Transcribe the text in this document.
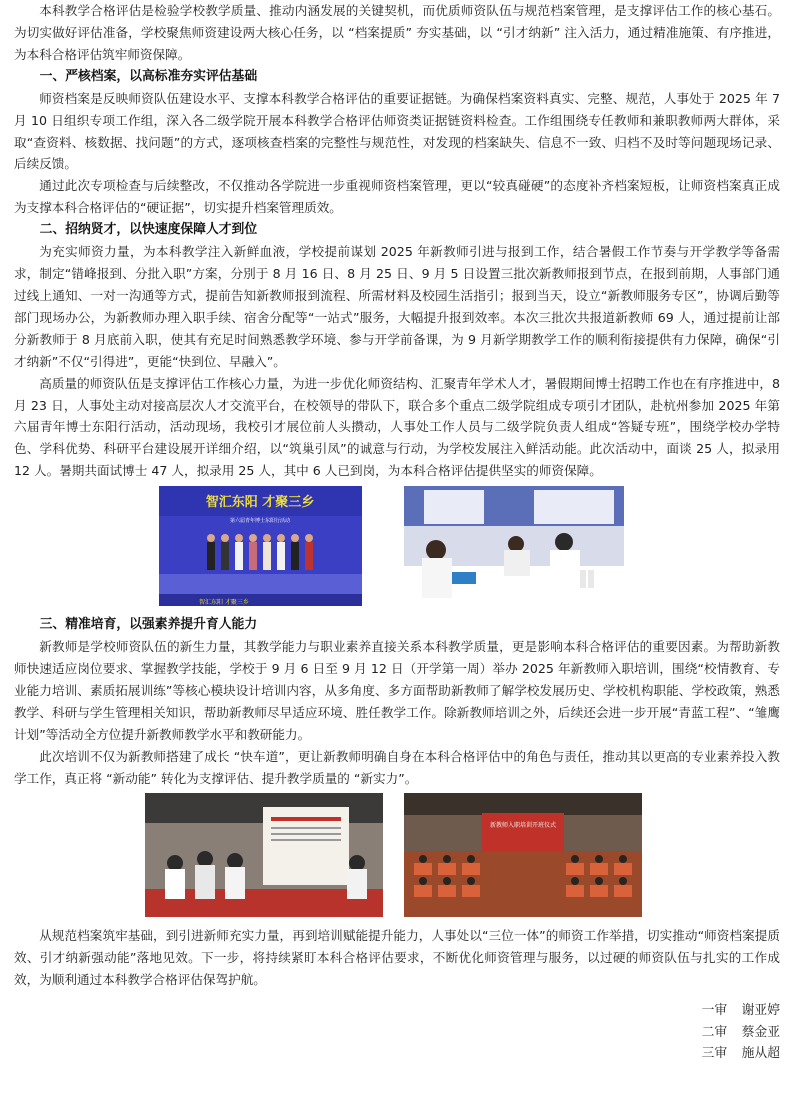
本科教学合格评估是检验学校教学质量、推动内涵发展的关键契机，而优质师资队伍与规范档案管理，是支撑评估工作的核心基石。为切实做好评估准备，学校聚焦师资建设两大核心任务，以 “档案提质” 夯实基础，以 “引才纳新” 注入活力，通过精准施策、有序推进，为本科合格评估筑牢师资保障。

一、严核档案，以高标准夯实评估基础

师资档案是反映师资队伍建设水平、支撑本科教学合格评估的重要证据链。为确保档案资料真实、完整、规范，人事处于 2025 年 7 月 10 日组织专项工作组，深入各二级学院开展本科教学合格评估师资类证据链资料检查。工作组围绕专任教师和兼职教师两大群体，采取“查资料、核数据、找问题”的方式，逐项核查档案的完整性与规范性，对发现的档案缺失、信息不一致、归档不及时等问题现场记录、后续反馈。

通过此次专项检查与后续整改，不仅推动各学院进一步重视师资档案管理，更以“较真碰硬”的态度补齐档案短板，让师资档案真正成为支撑本科合格评估的“硬证据”，切实提升档案管理质效。

二、招纳贤才，以快速度保障人才到位

为充实师资力量，为本科教学注入新鲜血液，学校提前谋划 2025 年新教师引进与报到工作，结合暑假工作节奏与开学教学等备需求，制定“错峰报到、分批入职”方案，分別于 8 月 16 日、8 月 25 日、9 月 5 日设置三批次新教师报到节点，在报到前期，人事部门通过线上通知、一对一沟通等方式，提前告知新教师报到流程、所需材料及校园生活指引；报到当天，设立“新教师服务专区”，协调后勤等部门现场办公，为新教师办理入职手续、宿舍分配等“一站式”服务，大幅提升报到效率。本次三批次共报道新教师 69 人，通过提前让部分新教师于 8 月底前入职，使其有充足时间熟悉教学环境、参与开学前备课，为 9 月新学期教学工作的顺利衔接提供有力保障，确保“引才纳新”不仅“引得进”，更能“快到位、早融入”。

高质量的师资队伍是支撑评估工作核心力量，为进一步优化师资结构、汇聚青年学术人才，暑假期间博士招聘工作也在有序推进中，8 月 23 日，人事处主动对接高层次人才交流平台，在校领导的带队下，联合多个重点二级学院组成专项引才团队，赴杭州参加 2025 年第六届青年博士东阳行活动，活动现场，我校引才展位前人头攒动，人事处工作人员与二级学院负责人组成“答疑专班”，围绕学校办学特色、学科优势、科研平台建设展开详细介绍，以“筑巢引凤”的诚意与行动，为学校发展注入鲜活动能。此次活动中，面谈 25 人，拟录用 12 人。暑期共面试博士 47 人，拟录用 25 人，其中 6 人已到岗，为本科合格评估提供坚实的师资保障。

智汇东阳 才聚三乡
第六届青年博士东阳行活动
智汇东阳 才聚三乡
三、精准培育，以强素养提升育人能力

新教师是学校师资队伍的新生力量，其教学能力与职业素养直接关系本科教学质量，更是影响本科合格评估的重要因素。为帮助新教师快速适应岗位要求、掌握教学技能，学校于 9 月 6 日至 9 月 12 日（开学第一周）举办 2025 年新教师入职培训，围绕“校情教育、专业能力培训、素质拓展训练”等核心模块设计培训内容，从多角度、多方面帮助新教师了解学校发展历史、学校机构职能、学校政策，熟悉教学、科研与学生管理相关知识，帮助新教师尽早适应环境、胜任教学工作。除新教师培训之外，后续还会进一步开展“青蓝工程”、“雏鹰计划”等活动全方位提升新教师教学水平和教研能力。

此次培训不仅为新教师搭建了成长 “快车道”，更让新教师明确自身在本科合格评估中的角色与责任，推动其以更高的专业素养投入教学工作，真正将 “新动能” 转化为支撑评估、提升教学质量的 “新实力”。

新教师入职培训开班仪式

从规范档案筑牢基础，到引进新师充实力量，再到培训赋能提升能力，人事处以“三位一体”的师资工作举措，切实推动“师资档案提质效、引才纳新强动能”落地见效。下一步，将持续紧盯本科合格评估要求，不断优化师资管理与服务，以过硬的师资队伍与扎实的工作成效，为顺利通过本科教学合格评估保驾护航。

一审 谢亚婷
二审 蔡金亚
三审 施从超
